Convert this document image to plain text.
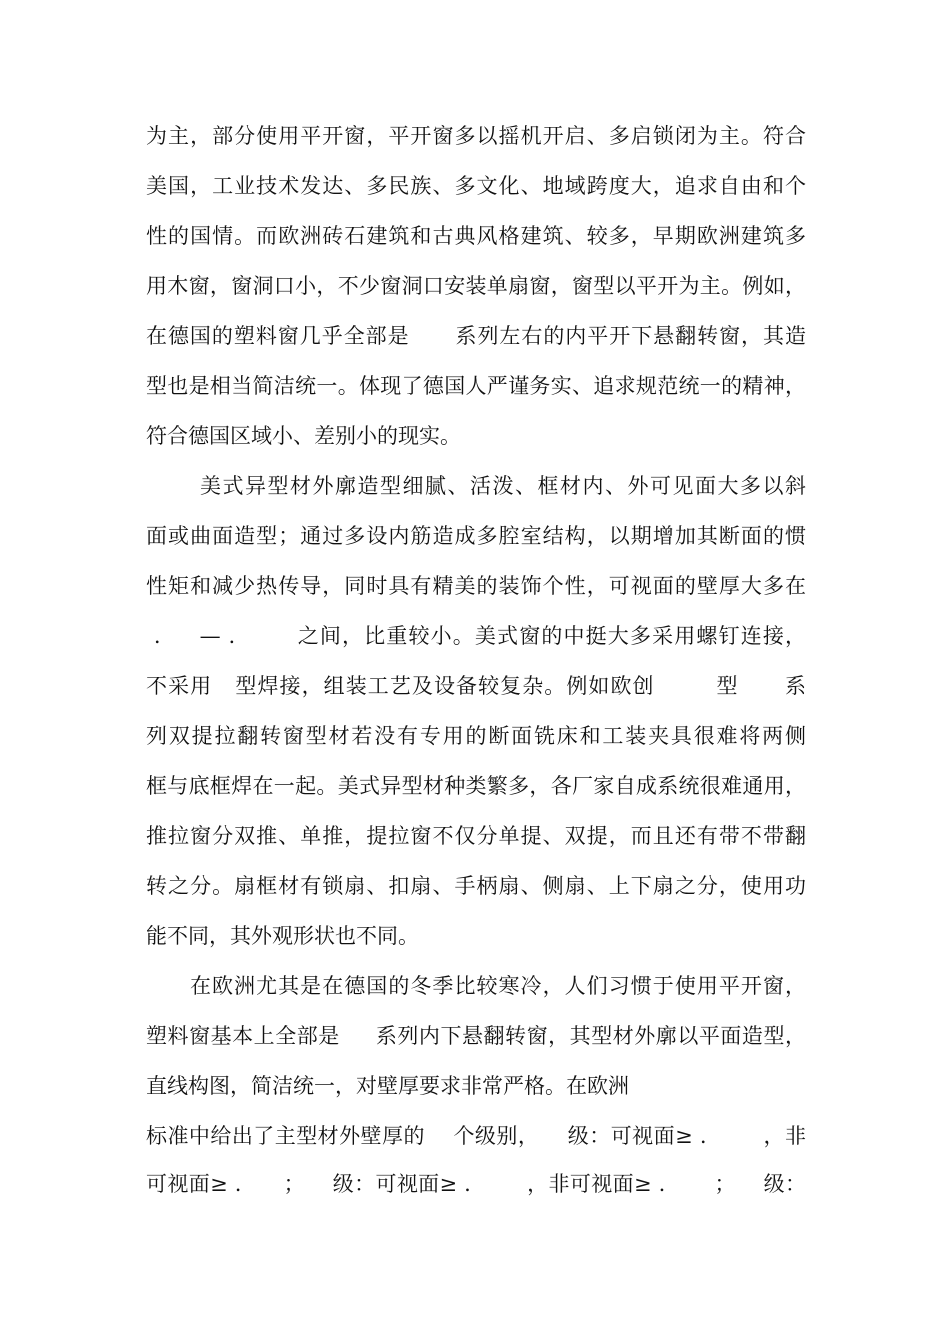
为主，部分使用平开窗，平开窗多以摇机开启、多启锁闭为主。符合
美国，工业技术发达、多民族、多文化、地域跨度大，追求自由和个
性的国情。而欧洲砖石建筑和古典风格建筑、较多，早期欧洲建筑多
用木窗，窗洞口小，不少窗洞口安装单扇窗，窗型以平开为主。例如，
在德国的塑料窗几乎全部是      系列左右的内平开下悬翻转窗，其造
型也是相当简洁统一。体现了德国人严谨务实、追求规范统一的精神，
符合德国区域小、差别小的现实。
美式异型材外廓造型细腻、活泼、框材内、外可见面大多以斜
面或曲面造型；通过多设内筋造成多腔室结构，以期增加其断面的惯
性矩和减少热传导，同时具有精美的装饰个性，可视面的壁厚大多在
.     — .        之间，比重较小。美式窗的中挺大多采用螺钉连接，
不采用   型焊接，组装工艺及设备较复杂。例如欧创        型      系
列双提拉翻转窗型材若没有专用的断面铣床和工装夹具很难将两侧
框与底框焊在一起。美式异型材种类繁多，各厂家自成系统很难通用，
推拉窗分双推、单推，提拉窗不仅分单提、双提，而且还有带不带翻
转之分。扇框材有锁扇、扣扇、手柄扇、侧扇、上下扇之分，使用功
能不同，其外观形状也不同。
在欧洲尤其是在德国的冬季比较寒冷，人们习惯于使用平开窗，
塑料窗基本上全部是     系列内下悬翻转窗，其型材外廓以平面造型，
直线构图，简洁统一，对壁厚要求非常严格。在欧洲
标准中给出了主型材外壁厚的    个级别，    级：可视面≥ .        ，非
可视面≥ .      ；    级：可视面≥ .        ，非可视面≥ .       ；    级：
